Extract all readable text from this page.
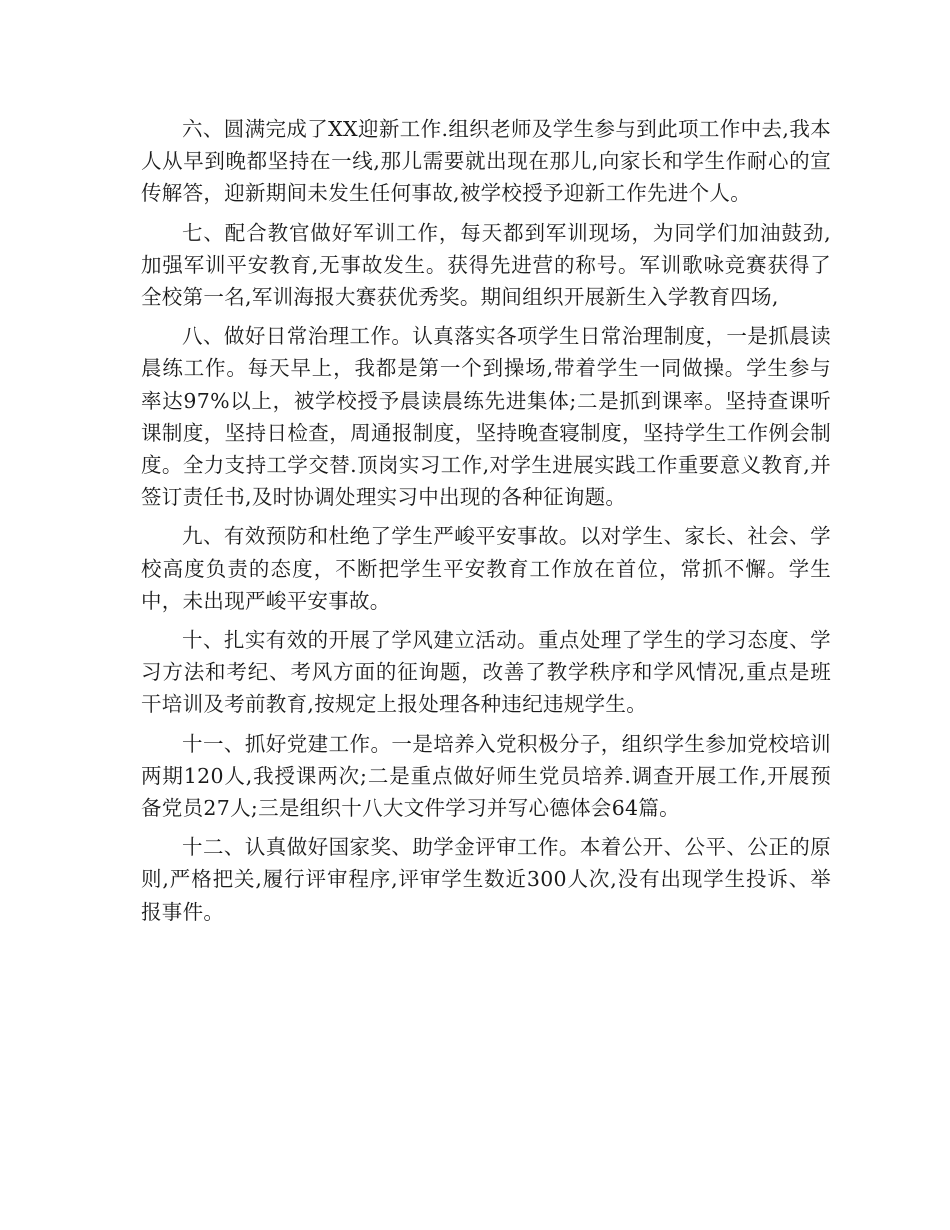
六、圆满完成了XX迎新工作.组织老师及学生参与到此项工作中去,我本人从早到晚都坚持在一线,那儿需要就出现在那儿,向家长和学生作耐心的宣传解答，迎新期间未发生任何事故,被学校授予迎新工作先进个人。

七、配合教官做好军训工作，每天都到军训现场，为同学们加油鼓劲,加强军训平安教育,无事故发生。获得先进营的称号。军训歌咏竞赛获得了全校第一名,军训海报大赛获优秀奖。期间组织开展新生入学教育四场,

八、做好日常治理工作。认真落实各项学生日常治理制度，一是抓晨读晨练工作。每天早上，我都是第一个到操场,带着学生一同做操。学生参与率达97%以上，被学校授予晨读晨练先进集体;二是抓到课率。坚持查课听课制度，坚持日检查，周通报制度，坚持晚查寝制度，坚持学生工作例会制度。全力支持工学交替.顶岗实习工作,对学生进展实践工作重要意义教育,并签订责任书,及时协调处理实习中出现的各种征询题。

九、有效预防和杜绝了学生严峻平安事故。以对学生、家长、社会、学校高度负责的态度，不断把学生平安教育工作放在首位，常抓不懈。学生中，未出现严峻平安事故。

十、扎实有效的开展了学风建立活动。重点处理了学生的学习态度、学习方法和考纪、考风方面的征询题，改善了教学秩序和学风情况,重点是班干培训及考前教育,按规定上报处理各种违纪违规学生。

十一、抓好党建工作。一是培养入党积极分子，组织学生参加党校培训两期120人,我授课两次;二是重点做好师生党员培养.调查开展工作,开展预备党员27人;三是组织十八大文件学习并写心德体会64篇。

十二、认真做好国家奖、助学金评审工作。本着公开、公平、公正的原则,严格把关,履行评审程序,评审学生数近300人次,没有出现学生投诉、举报事件。
